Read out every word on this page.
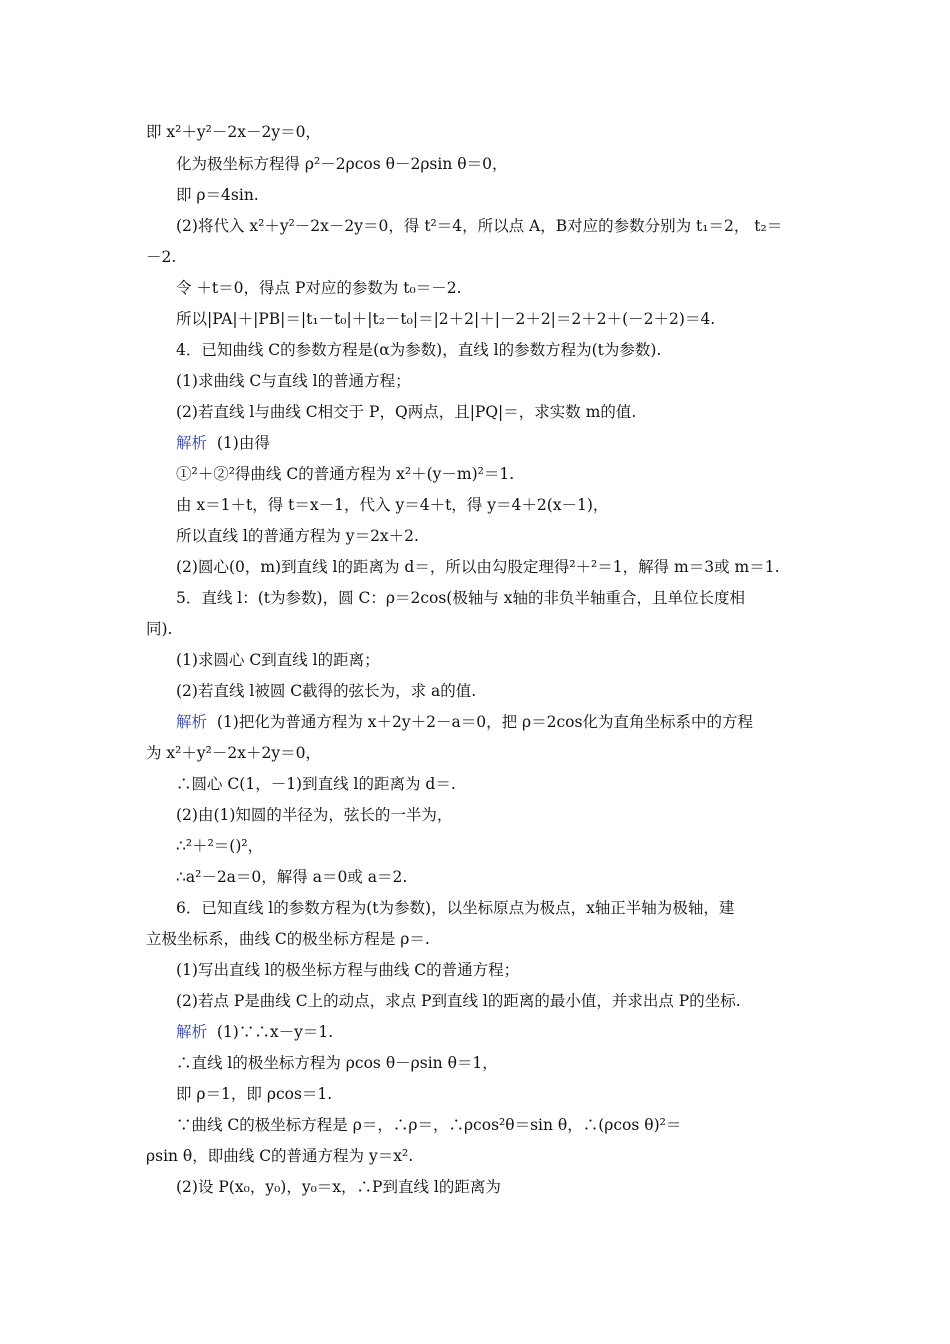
即 x²＋y²－2x－2y＝0，
化为极坐标方程得 ρ²－2ρcos θ－2ρsin θ＝0，
即 ρ＝4sin.
(2)将代入 x²＋y²－2x－2y＝0，得 t²＝4，所以点 A，B对应的参数分别为 t₁＝2， t₂＝
－2.
令 ＋t＝0，得点 P对应的参数为 t₀＝－2.
所以|PA|＋|PB|＝|t₁－t₀|＋|t₂－t₀|＝|2＋2|＋|－2＋2|＝2＋2＋(－2＋2)＝4.
4．已知曲线 C的参数方程是(α为参数)，直线 l的参数方程为(t为参数).
(1)求曲线 C与直线 l的普通方程；
(2)若直线 l与曲线 C相交于 P，Q两点，且|PQ|＝，求实数 m的值.
解析 (1)由得
①²＋②²得曲线 C的普通方程为 x²＋(y－m)²＝1.
由 x＝1＋t，得 t＝x－1，代入 y＝4＋t，得 y＝4＋2(x－1)，
所以直线 l的普通方程为 y＝2x＋2.
(2)圆心(0，m)到直线 l的距离为 d＝，所以由勾股定理得²＋²＝1，解得 m＝3或 m＝1.
5．直线 l：(t为参数)，圆 C：ρ＝2cos(极轴与 x轴的非负半轴重合，且单位长度相
同).
(1)求圆心 C到直线 l的距离；
(2)若直线 l被圆 C截得的弦长为，求 a的值.
解析 (1)把化为普通方程为 x＋2y＋2－a＝0，把 ρ＝2cos化为直角坐标系中的方程
为 x²＋y²－2x＋2y＝0，
∴圆心 C(1，－1)到直线 l的距离为 d＝.
(2)由(1)知圆的半径为，弦长的一半为，
∴²＋²＝()²，
∴a²－2a＝0，解得 a＝0或 a＝2.
6．已知直线 l的参数方程为(t为参数)，以坐标原点为极点，x轴正半轴为极轴，建
立极坐标系，曲线 C的极坐标方程是 ρ＝.
(1)写出直线 l的极坐标方程与曲线 C的普通方程；
(2)若点 P是曲线 C上的动点，求点 P到直线 l的距离的最小值，并求出点 P的坐标.
解析 (1)∵∴x－y＝1.
∴直线 l的极坐标方程为 ρcos θ－ρsin θ＝1，
即 ρ＝1，即 ρcos＝1.
∵曲线 C的极坐标方程是 ρ＝，∴ρ＝，∴ρcos²θ＝sin θ，∴(ρcos θ)²＝
ρsin θ，即曲线 C的普通方程为 y＝x².
(2)设 P(x₀，y₀)，y₀＝x，∴P到直线 l的距离为
